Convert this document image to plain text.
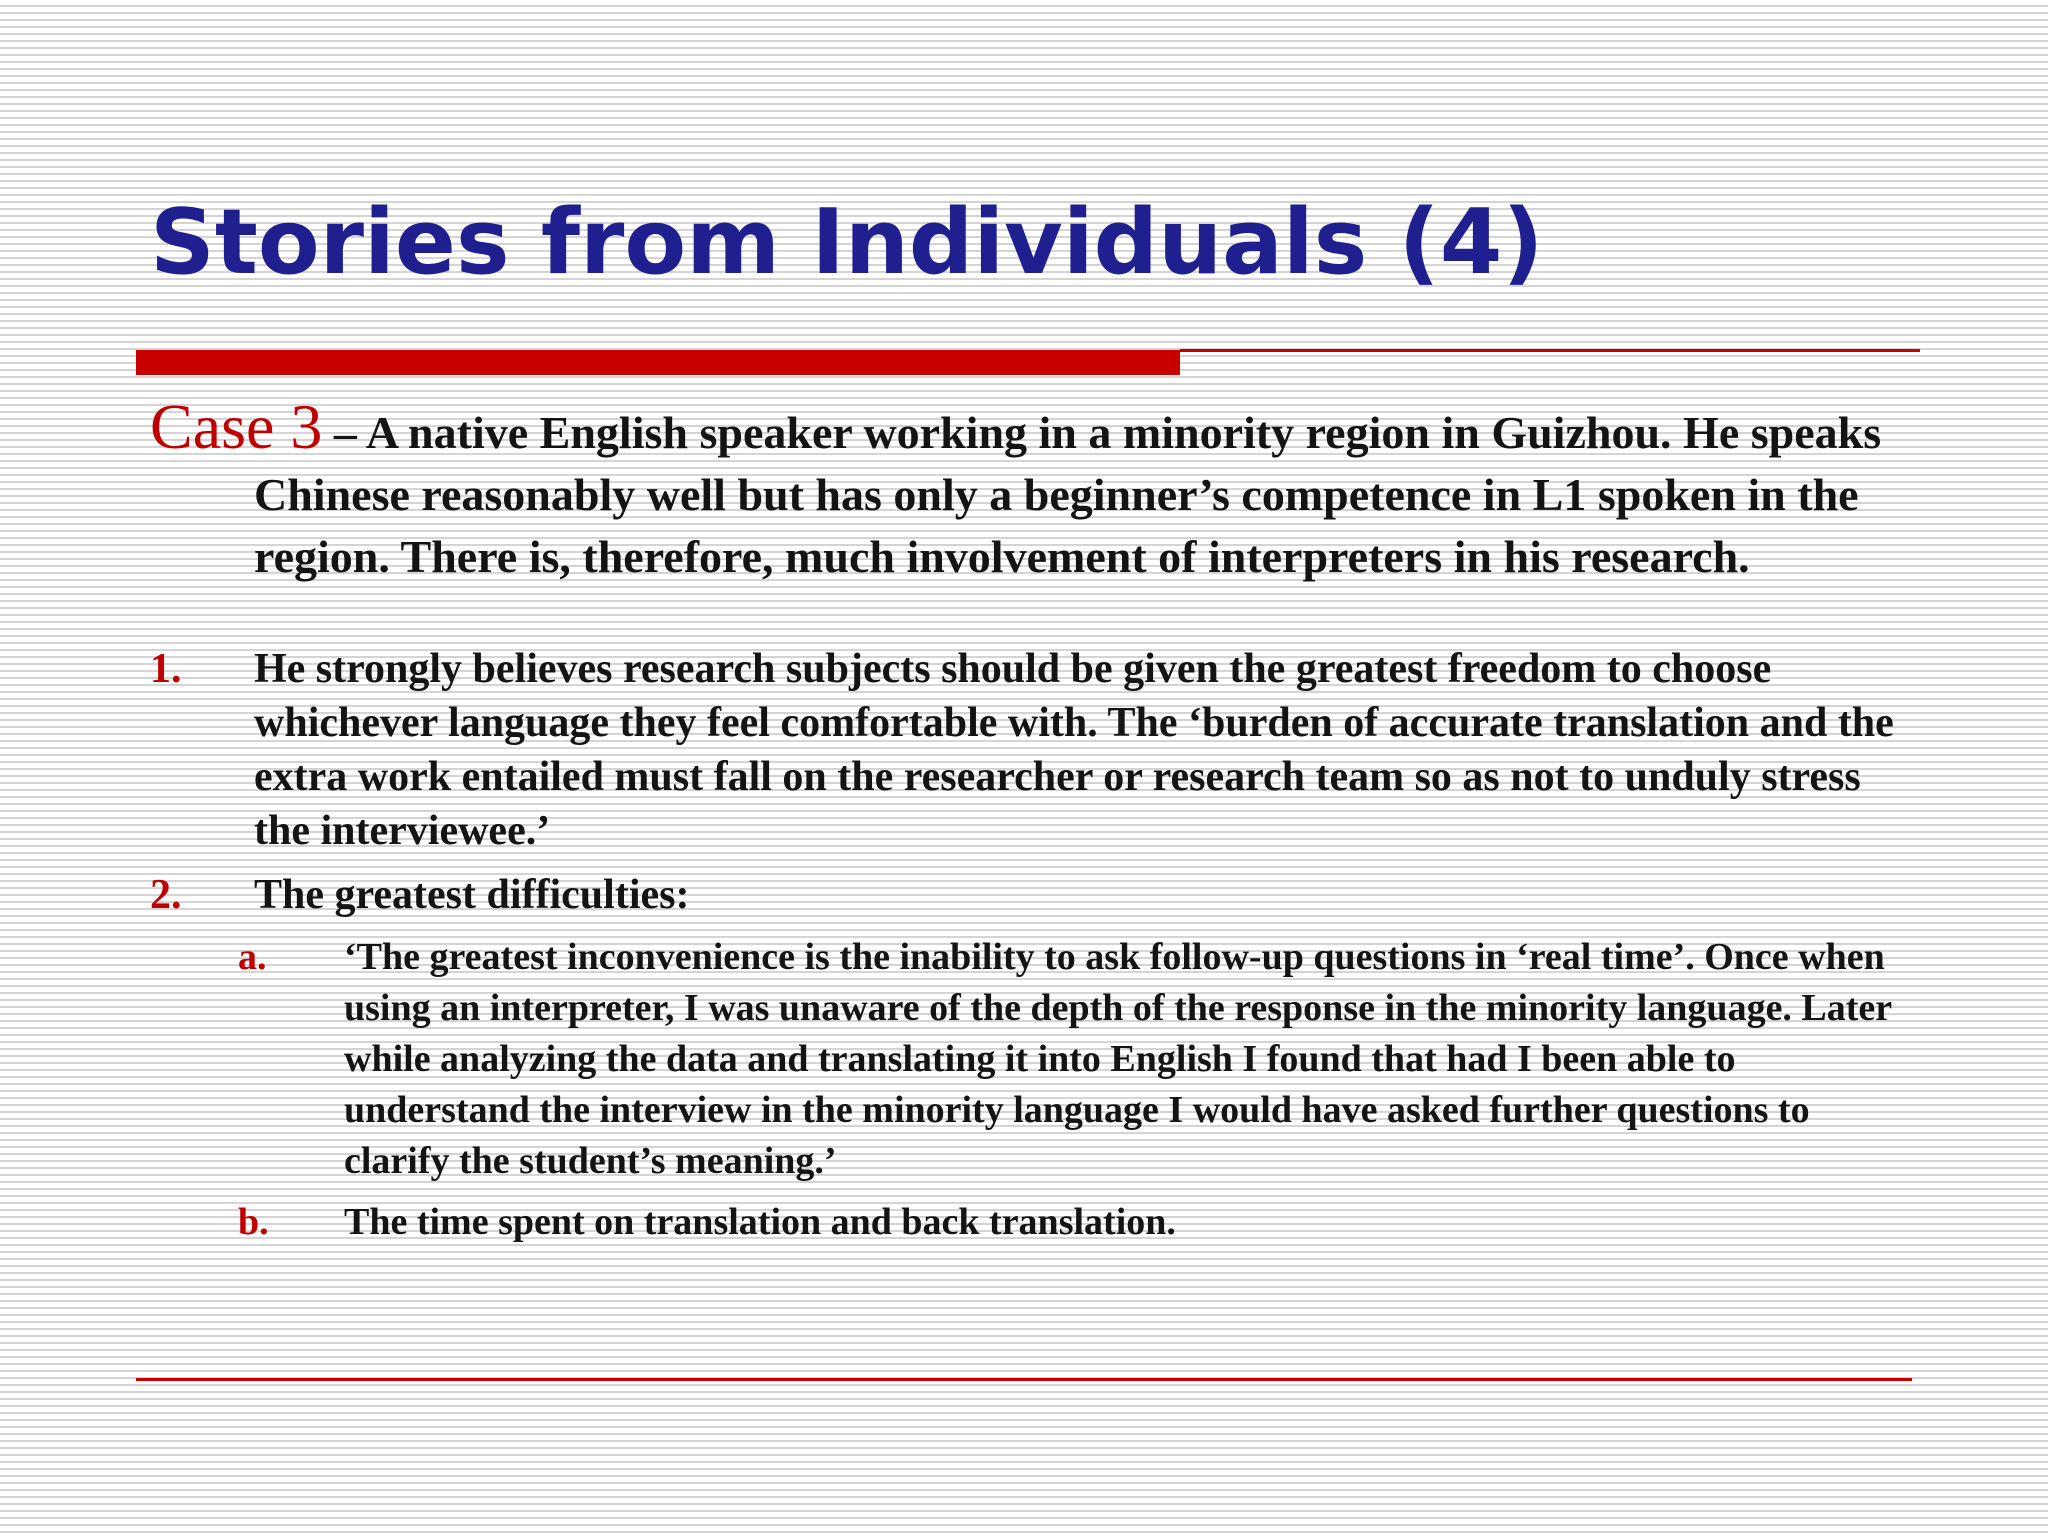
Stories from Individuals (4)

Case 3 – A native English speaker working in a minority region in Guizhou. He speaks Chinese reasonably well but has only a beginner’s competence in L1 spoken in the region. There is, therefore, much involvement of interpreters in his research.

1. He strongly believes research subjects should be given the greatest freedom to choose whichever language they feel comfortable with. The ‘burden of accurate translation and the extra work entailed must fall on the researcher or research team so as not to unduly stress the interviewee.’
2. The greatest difficulties:
a. ‘The greatest inconvenience is the inability to ask follow-up questions in ‘real time’. Once when using an interpreter, I was unaware of the depth of the response in the minority language. Later while analyzing the data and translating it into English I found that had I been able to understand the interview in the minority language I would have asked further questions to clarify the student’s meaning.’
b. The time spent on translation and back translation.
